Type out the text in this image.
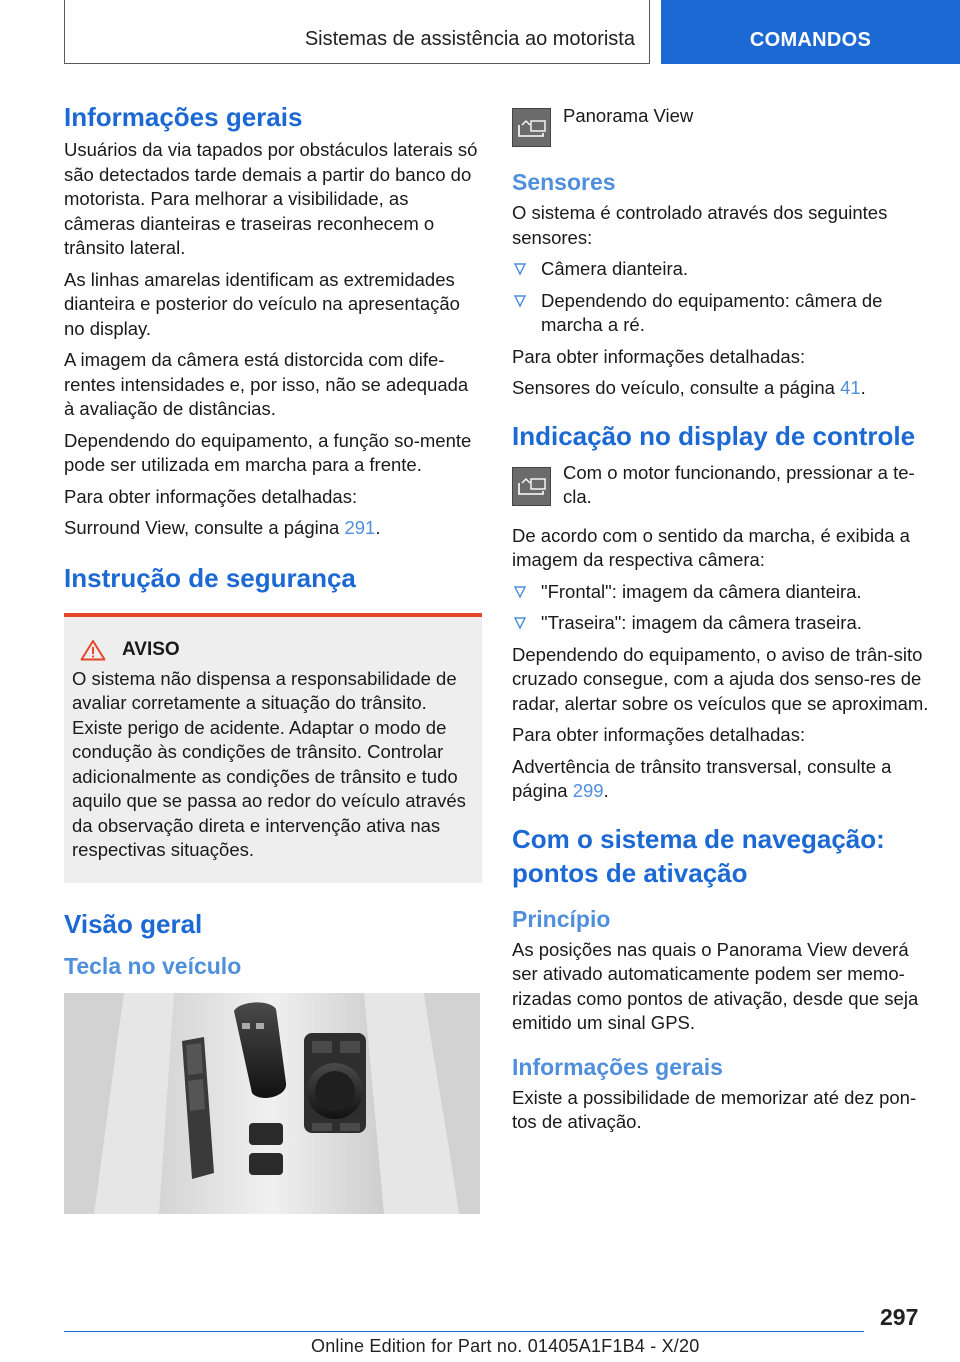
Sistemas de assistência ao motorista	COMANDOS
Informações gerais

Usuários da via tapados por obstáculos laterais só são detectados tarde demais a partir do banco do motorista. Para melhorar a visibilidade, as câmeras dianteiras e traseiras reconhecem o trânsito lateral.

As linhas amarelas identificam as extremidades dianteira e posterior do veículo na apresentação no display.

A imagem da câmera está distorcida com dife‐rentes intensidades e, por isso, não se adequada à avaliação de distâncias.

Dependendo do equipamento, a função so‐mente pode ser utilizada em marcha para a frente.

Para obter informações detalhadas:

Surround View, consulte a página 291.

Instrução de segurança
AVISO

O sistema não dispensa a responsabilidade de avaliar corretamente a situação do trânsito. Existe perigo de acidente. Adaptar o modo de condução às condições de trânsito. Controlar adicionalmente as condições de trânsito e tudo aquilo que se passa ao redor do veículo através da observação direta e intervenção ativa nas respectivas situações.

Visão geral
Tecla no veículo
Panorama View
Sensores

O sistema é controlado através dos seguintes sensores:

Câmera dianteira.
Dependendo do equipamento: câmera de marcha a ré.

Para obter informações detalhadas:

Sensores do veículo, consulte a página 41.

Indicação no display de controle
Com o motor funcionando, pressionar a te‐cla.

De acordo com o sentido da marcha, é exibida a imagem da respectiva câmera:

"Frontal": imagem da câmera dianteira.
"Traseira": imagem da câmera traseira.

Dependendo do equipamento, o aviso de trân‐sito cruzado consegue, com a ajuda dos senso‐res de radar, alertar sobre os veículos que se aproximam.

Para obter informações detalhadas:

Advertência de trânsito transversal, consulte a página 299.

Com o sistema de navegação: pontos de ativação
Princípio

As posições nas quais o Panorama View deverá ser ativado automaticamente podem ser memo‐rizadas como pontos de ativação, desde que seja emitido um sinal GPS.

Informações gerais

Existe a possibilidade de memorizar até dez pon‐tos de ativação.

297
Online Edition for Part no. 01405A1F1B4 - X/20
